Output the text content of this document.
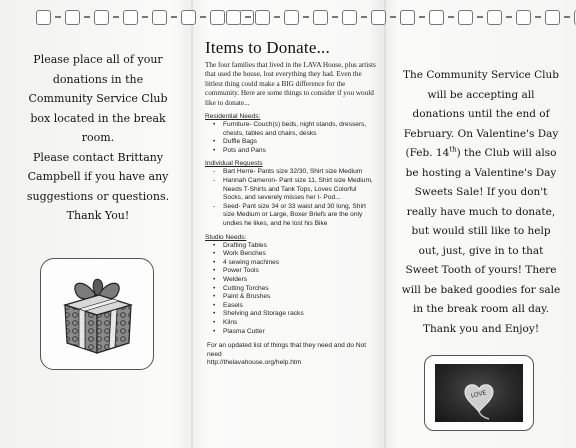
Please place all of your

donations in the

Community Service Club

box located in the break

room.

Please contact Brittany

Campbell if you have any

suggestions or questions.

Thank You!

Items to Donate...
The four families that lived in the LAVA House, plus artists that used the house, lost everything they had. Even the littlest thing could make a BIG difference for the community. Here are some things to consider if you would like to donate...
Residential Needs:
• Furniture- Couch(s) beds, night stands, dressers, chests, tables and chairs, desks
• Duffle Bags
• Pots and Pans
Individual Requests
- Bart Herre- Pants size 32/30, Shirt size Medium
- Hannah Cameron- Pant size 11, Shirt size Medium, Needs T-Shirts and Tank Tops, Loves Colorful Socks, and severely misses her I- Pod...
- Seed- Pant size 34 or 33 waist and 30 long, Shirt size Medium or Large, Boxer Briefs are the only undies he likes, and he lost his Bike
Studio Needs:
• Drafting Tables
• Work Benches
• 4 sewing machines
• Power Tools
• Welders
• Cutting Torches
• Paint & Brushes
• Easels
• Shelving and Storage racks
• Kilns
• Plasma Cutter
For an updated list of things that they need and do Not need
http://thelavahouse.org/help.htm
The Community Service Club
will be accepting all
donations until the end of
February. On Valentine's Day
(Feb. 14th) the Club will also
be hosting a Valentine's Day
Sweets Sale! If you don't
really have much to donate,
but would still like to help
out, just, give in to that
Sweet Tooth of yours! There
will be baked goodies for sale
in the break room all day.
Thank you and Enjoy!
LOVE
